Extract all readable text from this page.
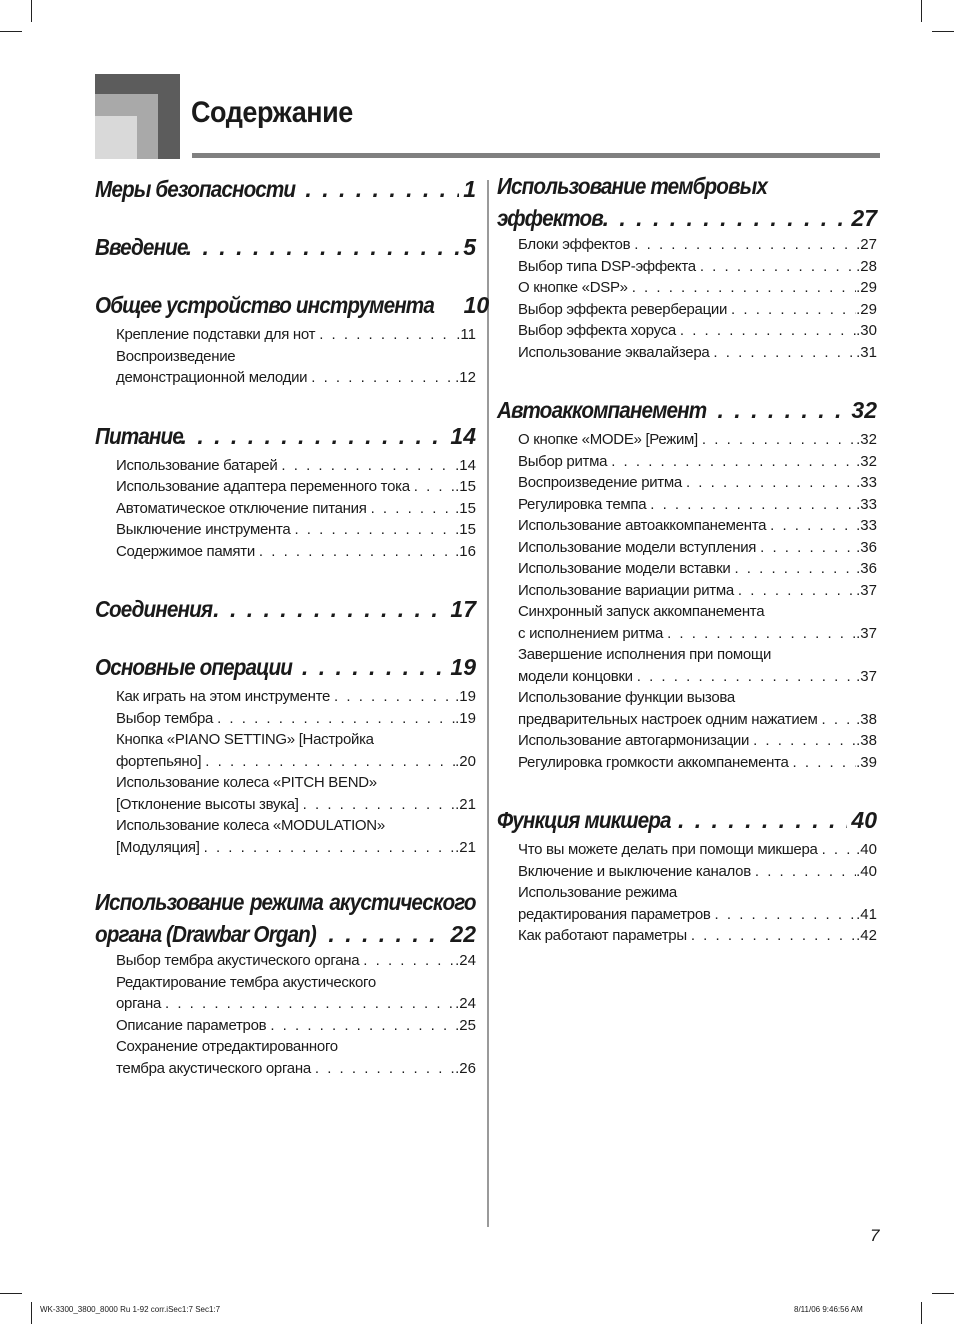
Содержание
Меры безопасности . . .	1
Введение . . .	5
Общее устройство инструмента 10
Крепление подставки для нот . . .	.11
Воспроизведение
демонстрационной мелодии . . .	.12
Питание . . .	14
Использование батарей . . .	.14
Использование адаптера переменного тока . . .	.15
Автоматическое отключение питания . . .	.15
Выключение инструмента . . .	.15
Содержимое памяти . . .	.16
Соединения . . .	17
Основные операции . . .	19
Как играть на этом инструменте . . .	.19
Выбор тембра . . .	.19
Кнопка «PIANO SETTING» [Настройка
фортепьяно] . . .	.20
Использование колеса «PITCH BEND»
[Отклонение высоты звука] . . .	.21
Использование колеса «MODULATION»
[Модуляция] . . .	.21
Использование режима акустического
органа (Drawbar Organ) . . .	22
Выбор тембра акустического органа . . .	.24
Редактирование тембра акустического
органа . . .	.24
Описание параметров . . .	.25
Сохранение отредактированного
тембра акустического органа . . .	.26
Использование тембровых
эффектов . . .	27
Блоки эффектов . . .	.27
Выбор типа DSP-эффекта . . .	.28
О кнопке «DSP» . . .	.29
Выбор эффекта реверберации . . .	.29
Выбор эффекта хоруса . . .	.30
Использование эквалайзера . . .	.31
Автоаккомпанемент . . .	32
О кнопке «MODE» [Режим] . . .	.32
Выбор ритма . . .	.32
Воспроизведение ритма . . .	.33
Регулировка темпа . . .	.33
Использование автоаккомпанемента . . .	.33
Использование модели вступления . . .	.36
Использование модели вставки . . .	.36
Использование вариации ритма . . .	.37
Синхронный запуск аккомпанемента
с исполнением ритма . . .	.37
Завершение исполнения при помощи
модели концовки . . .	.37
Использование функции вызова
предварительных настроек одним нажатием . . .	.38
Использование автогармонизации . . .	.38
Регулировка громкости аккомпанемента . . .	.39
Функция микшера . . .	40
Что вы можете делать при помощи микшера . . .	.40
Включение и выключение каналов . . .	.40
Использование режима
редактирования параметров . . .	.41
Как работают параметры . . .	.42
7
WK-3300_3800_8000 Ru 1-92 corr.iSec1:7 Sec1:7	8/11/06 9:46:56 AM
